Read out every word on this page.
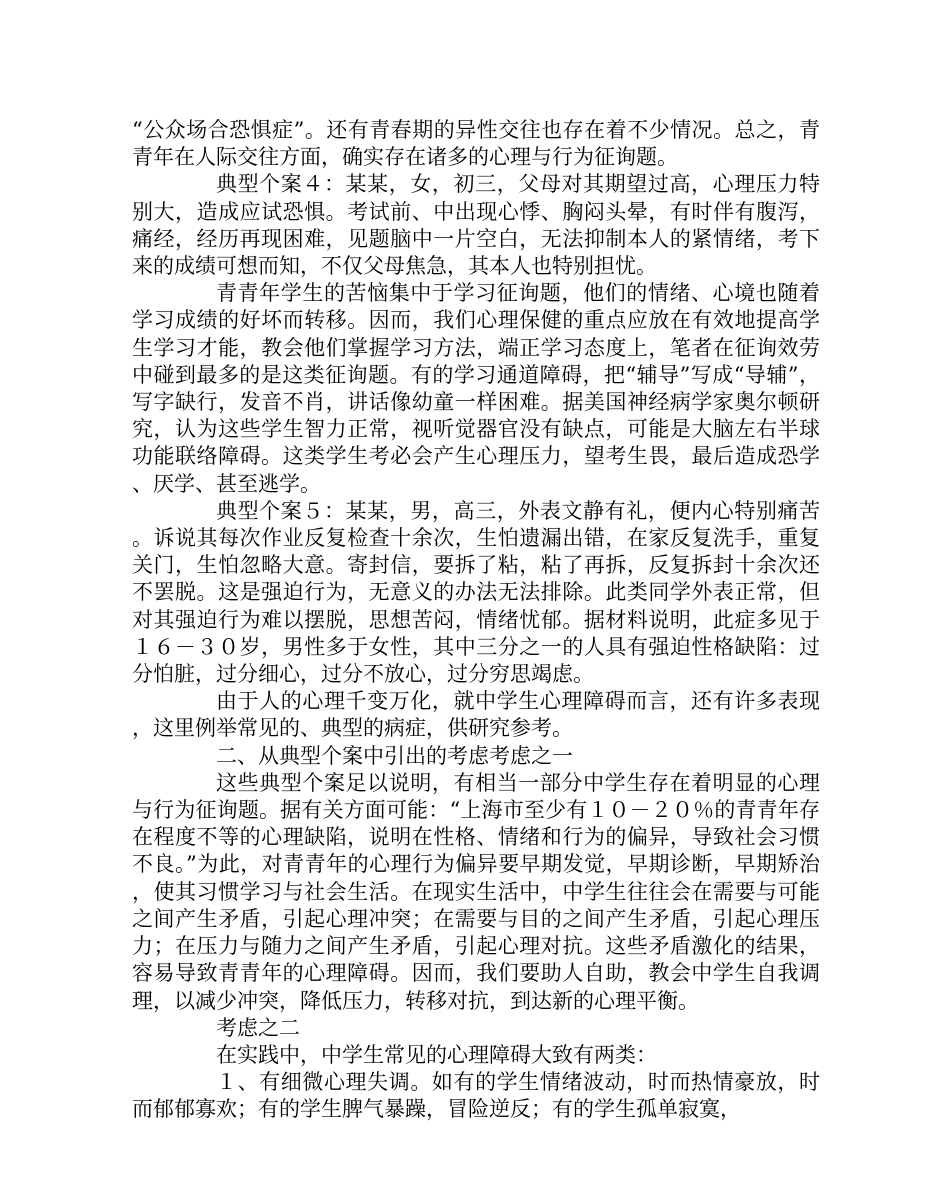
“公众场合恐惧症”。还有青春期的异性交往也存在着不少情况。总之，青青年在人际交往方面，确实存在诸多的心理与行为征询题。

典型个案４：某某，女，初三，父母对其期望过高，心理压力特别大，造成应试恐惧。考试前、中出现心悸、胸闷头晕，有时伴有腹泻，痛经，经历再现困难，见题脑中一片空白，无法抑制本人的紧情绪，考下来的成绩可想而知，不仅父母焦急，其本人也特别担忧。

青青年学生的苦恼集中于学习征询题，他们的情绪、心境也随着学习成绩的好坏而转移。因而，我们心理保健的重点应放在有效地提高学生学习才能，教会他们掌握学习方法，端正学习态度上，笔者在征询效劳中碰到最多的是这类征询题。有的学习通道障碍，把“辅导”写成“导辅”，写字缺行，发音不肖，讲话像幼童一样困难。据美国神经病学家奥尔顿研究，认为这些学生智力正常，视听觉器官没有缺点，可能是大脑左右半球功能联络障碍。这类学生考必会产生心理压力，望考生畏，最后造成恐学、厌学、甚至逃学。

典型个案５：某某，男，高三，外表文静有礼，便内心特别痛苦。诉说其每次作业反复检查十余次，生怕遗漏出错，在家反复洗手，重复关门，生怕忽略大意。寄封信，要拆了粘，粘了再拆，反复拆封十余次还不罢脱。这是强迫行为，无意义的办法无法排除。此类同学外表正常，但对其强迫行为难以摆脱，思想苦闷，情绪忧郁。据材料说明，此症多见于１６－３０岁，男性多于女性，其中三分之一的人具有强迫性格缺陷：过分怕脏，过分细心，过分不放心，过分穷思竭虑。

由于人的心理千变万化，就中学生心理障碍而言，还有许多表现，这里例举常见的、典型的病症，供研究参考。

二、从典型个案中引出的考虑考虑之一

这些典型个案足以说明，有相当一部分中学生存在着明显的心理与行为征询题。据有关方面可能：“上海市至少有１０－２０％的青青年存在程度不等的心理缺陷，说明在性格、情绪和行为的偏异，导致社会习惯不良。”为此，对青青年的心理行为偏异要早期发觉，早期诊断，早期矫治，使其习惯学习与社会生活。在现实生活中，中学生往往会在需要与可能之间产生矛盾，引起心理冲突；在需要与目的之间产生矛盾，引起心理压力；在压力与随力之间产生矛盾，引起心理对抗。这些矛盾激化的结果，容易导致青青年的心理障碍。因而，我们要助人自助，教会中学生自我调理，以减少冲突，降低压力，转移对抗，到达新的心理平衡。

考虑之二

在实践中，中学生常见的心理障碍大致有两类：

１、有细微心理失调。如有的学生情绪波动，时而热情豪放，时而郁郁寡欢；有的学生脾气暴躁，冒险逆反；有的学生孤单寂寞，
